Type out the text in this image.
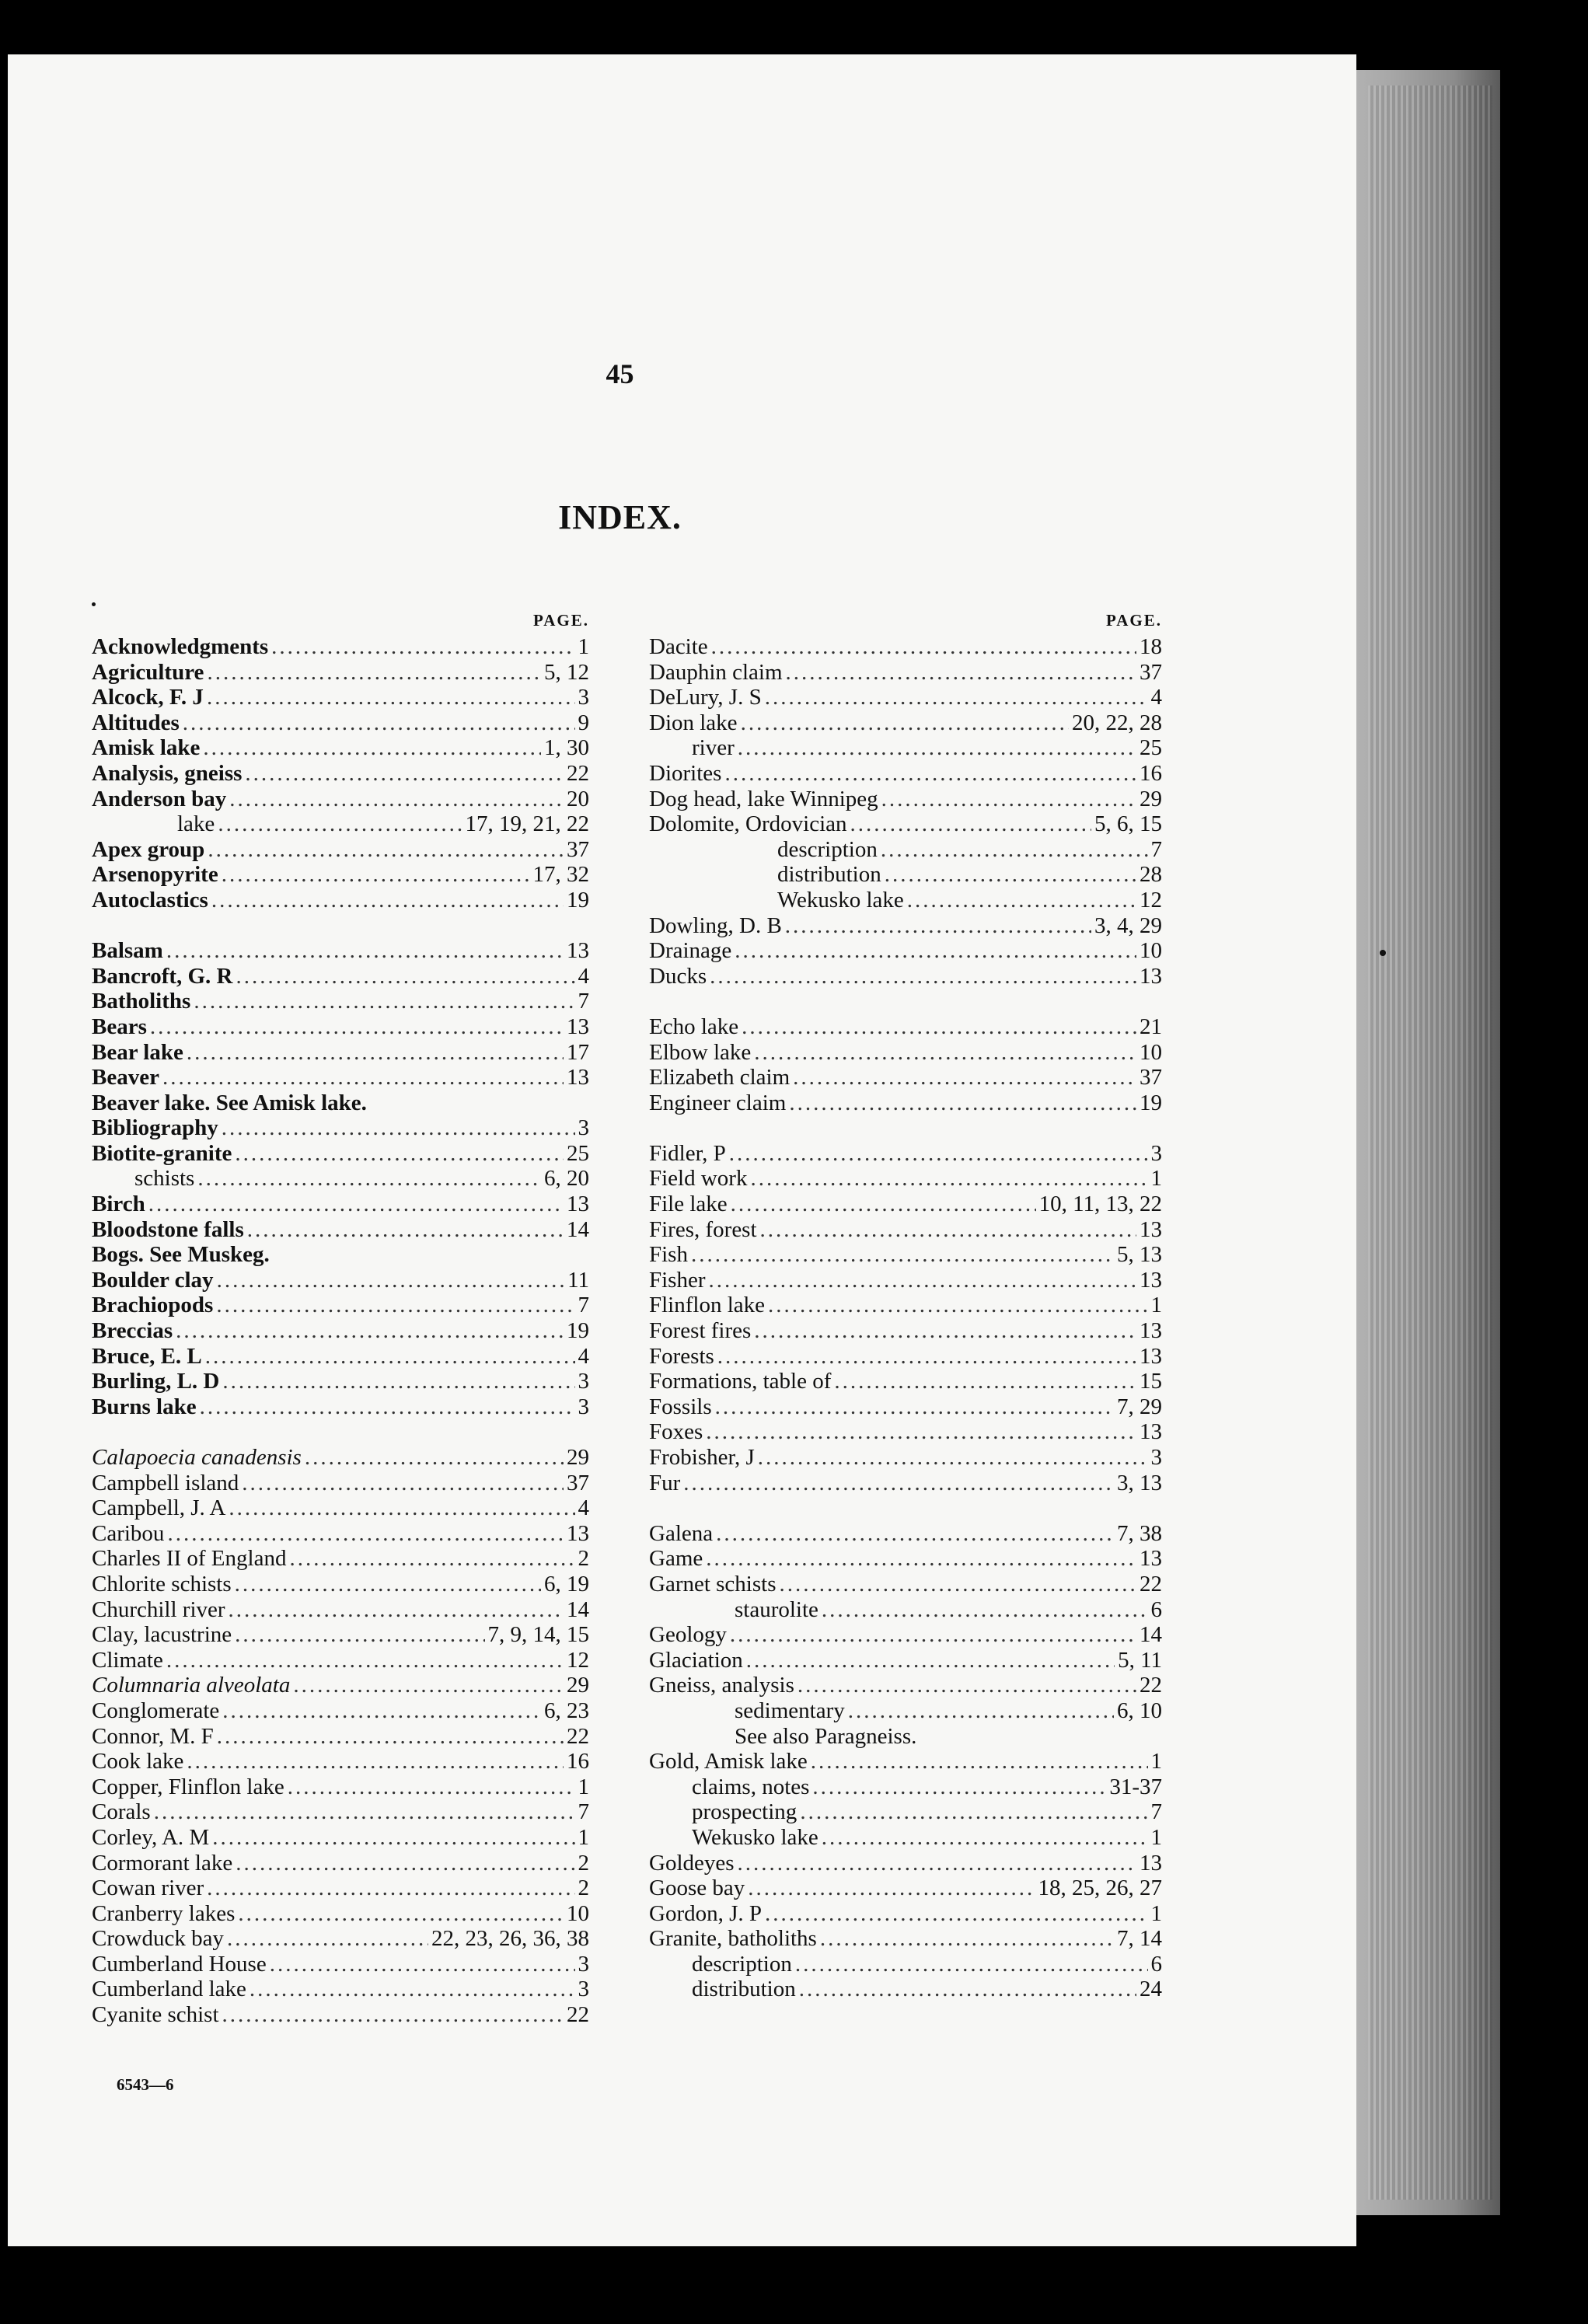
45
INDEX.
PAGE.
Acknowledgments .....	1
Agriculture .....	5, 12
Alcock, F. J .....	3
Altitudes .....	9
Amisk lake .....	1, 30
Analysis, gneiss .....	22
Anderson bay .....	20
lake .....	17, 19, 21, 22
Apex group .....	37
Arsenopyrite .....	17, 32
Autoclastics .....	19
Balsam .....	13
Bancroft, G. R .....	4
Batholiths .....	7
Bears .....	13
Bear lake .....	17
Beaver .....	13
Beaver lake. See Amisk lake.
Bibliography .....	3
Biotite-granite .....	25
schists .....	6, 20
Birch .....	13
Bloodstone falls .....	14
Bogs. See Muskeg.
Boulder clay .....	11
Brachiopods .....	7
Breccias .....	19
Bruce, E. L .....	4
Burling, L. D .....	3
Burns lake .....	3
Calapoecia canadensis .....	29
Campbell island .....	37
Campbell, J. A .....	4
Caribou .....	13
Charles II of England .....	2
Chlorite schists .....	6, 19
Churchill river .....	14
Clay, lacustrine .....	7, 9, 14, 15
Climate .....	12
Columnaria alveolata .....	29
Conglomerate .....	6, 23
Connor, M. F .....	22
Cook lake .....	16
Copper, Flinflon lake .....	1
Corals .....	7
Corley, A. M .....	1
Cormorant lake .....	2
Cowan river .....	2
Cranberry lakes .....	10
Crowduck bay .....	22, 23, 26, 36, 38
Cumberland House .....	3
Cumberland lake .....	3
Cyanite schist .....	22
PAGE.
Dacite .....	18
Dauphin claim .....	37
DeLury, J. S .....	4
Dion lake .....	20, 22, 28
river .....	25
Diorites .....	16
Dog head, lake Winnipeg .....	29
Dolomite, Ordovician .....	5, 6, 15
description .....	7
distribution .....	28
Wekusko lake .....	12
Dowling, D. B .....	3, 4, 29
Drainage .....	10
Ducks .....	13
Echo lake .....	21
Elbow lake .....	10
Elizabeth claim .....	37
Engineer claim .....	19
Fidler, P .....	3
Field work .....	1
File lake .....	10, 11, 13, 22
Fires, forest .....	13
Fish .....	5, 13
Fisher .....	13
Flinflon lake .....	1
Forest fires .....	13
Forests .....	13
Formations, table of .....	15
Fossils .....	7, 29
Foxes .....	13
Frobisher, J .....	3
Fur .....	3, 13
Galena .....	7, 38
Game .....	13
Garnet schists .....	22
staurolite .....	6
Geology .....	14
Glaciation .....	5, 11
Gneiss, analysis .....	22
sedimentary .....	6, 10
See also Paragneiss.
Gold, Amisk lake .....	1
claims, notes .....	31-37
prospecting .....	7
Wekusko lake .....	1
Goldeyes .....	13
Goose bay .....	18, 25, 26, 27
Gordon, J. P .....	1
Granite, batholiths .....	7, 14
description .....	6
distribution .....	24
6543—6
